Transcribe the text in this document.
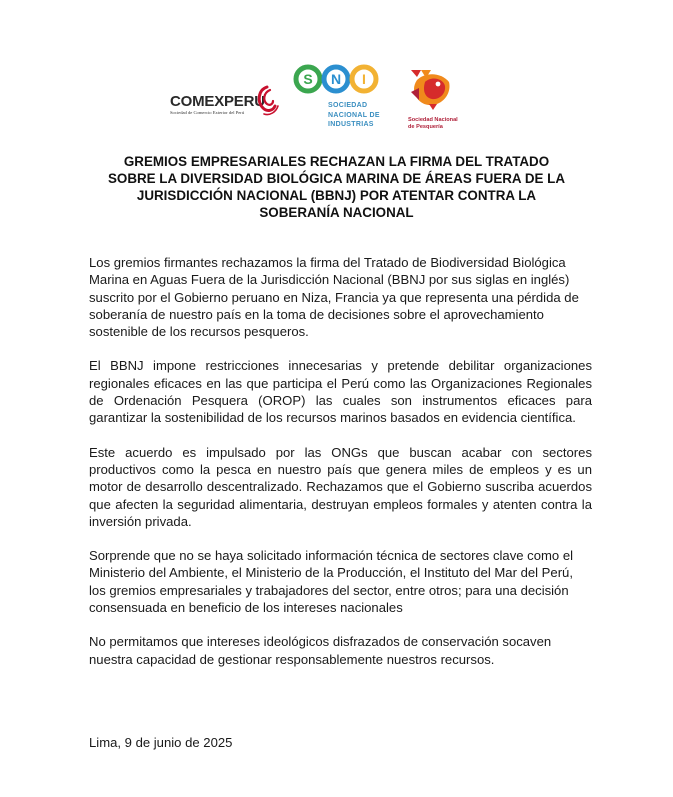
COMEXPERU
Sociedad de Comercio Exterior del Perú
S N I
SOCIEDAD
NACIONAL DE
INDUSTRIAS
Sociedad Nacional
de Pesquería
GREMIOS EMPRESARIALES RECHAZAN LA FIRMA DEL TRATADO SOBRE LA DIVERSIDAD BIOLÓGICA MARINA DE ÁREAS FUERA DE LA JURISDICCIÓN NACIONAL (BBNJ) POR ATENTAR CONTRA LA SOBERANÍA NACIONAL

Los gremios firmantes rechazamos la firma del Tratado de Biodiversidad Biológica Marina en Aguas Fuera de la Jurisdicción Nacional (BBNJ por sus siglas en inglés) suscrito por el Gobierno peruano en Niza, Francia ya que representa una pérdida de soberanía de nuestro país en la toma de decisiones sobre el aprovechamiento sostenible de los recursos pesqueros.

El BBNJ impone restricciones innecesarias y pretende debilitar organizaciones regionales eficaces en las que participa el Perú como las Organizaciones Regionales de Ordenación Pesquera (OROP) las cuales son instrumentos eficaces para garantizar la sostenibilidad de los recursos marinos basados en evidencia científica.

Este acuerdo es impulsado por las ONGs que buscan acabar con sectores productivos como la pesca en nuestro país que genera miles de empleos y es un motor de desarrollo descentralizado. Rechazamos que el Gobierno suscriba acuerdos que afecten la seguridad alimentaria, destruyan empleos formales y atenten contra la inversión privada.

Sorprende que no se haya solicitado información técnica de sectores clave como el Ministerio del Ambiente, el Ministerio de la Producción, el Instituto del Mar del Perú, los gremios empresariales y trabajadores del sector, entre otros; para una decisión consensuada en beneficio de los intereses nacionales

No permitamos que intereses ideológicos disfrazados de conservación socaven nuestra capacidad de gestionar responsablemente nuestros recursos.

Lima, 9 de junio de 2025
